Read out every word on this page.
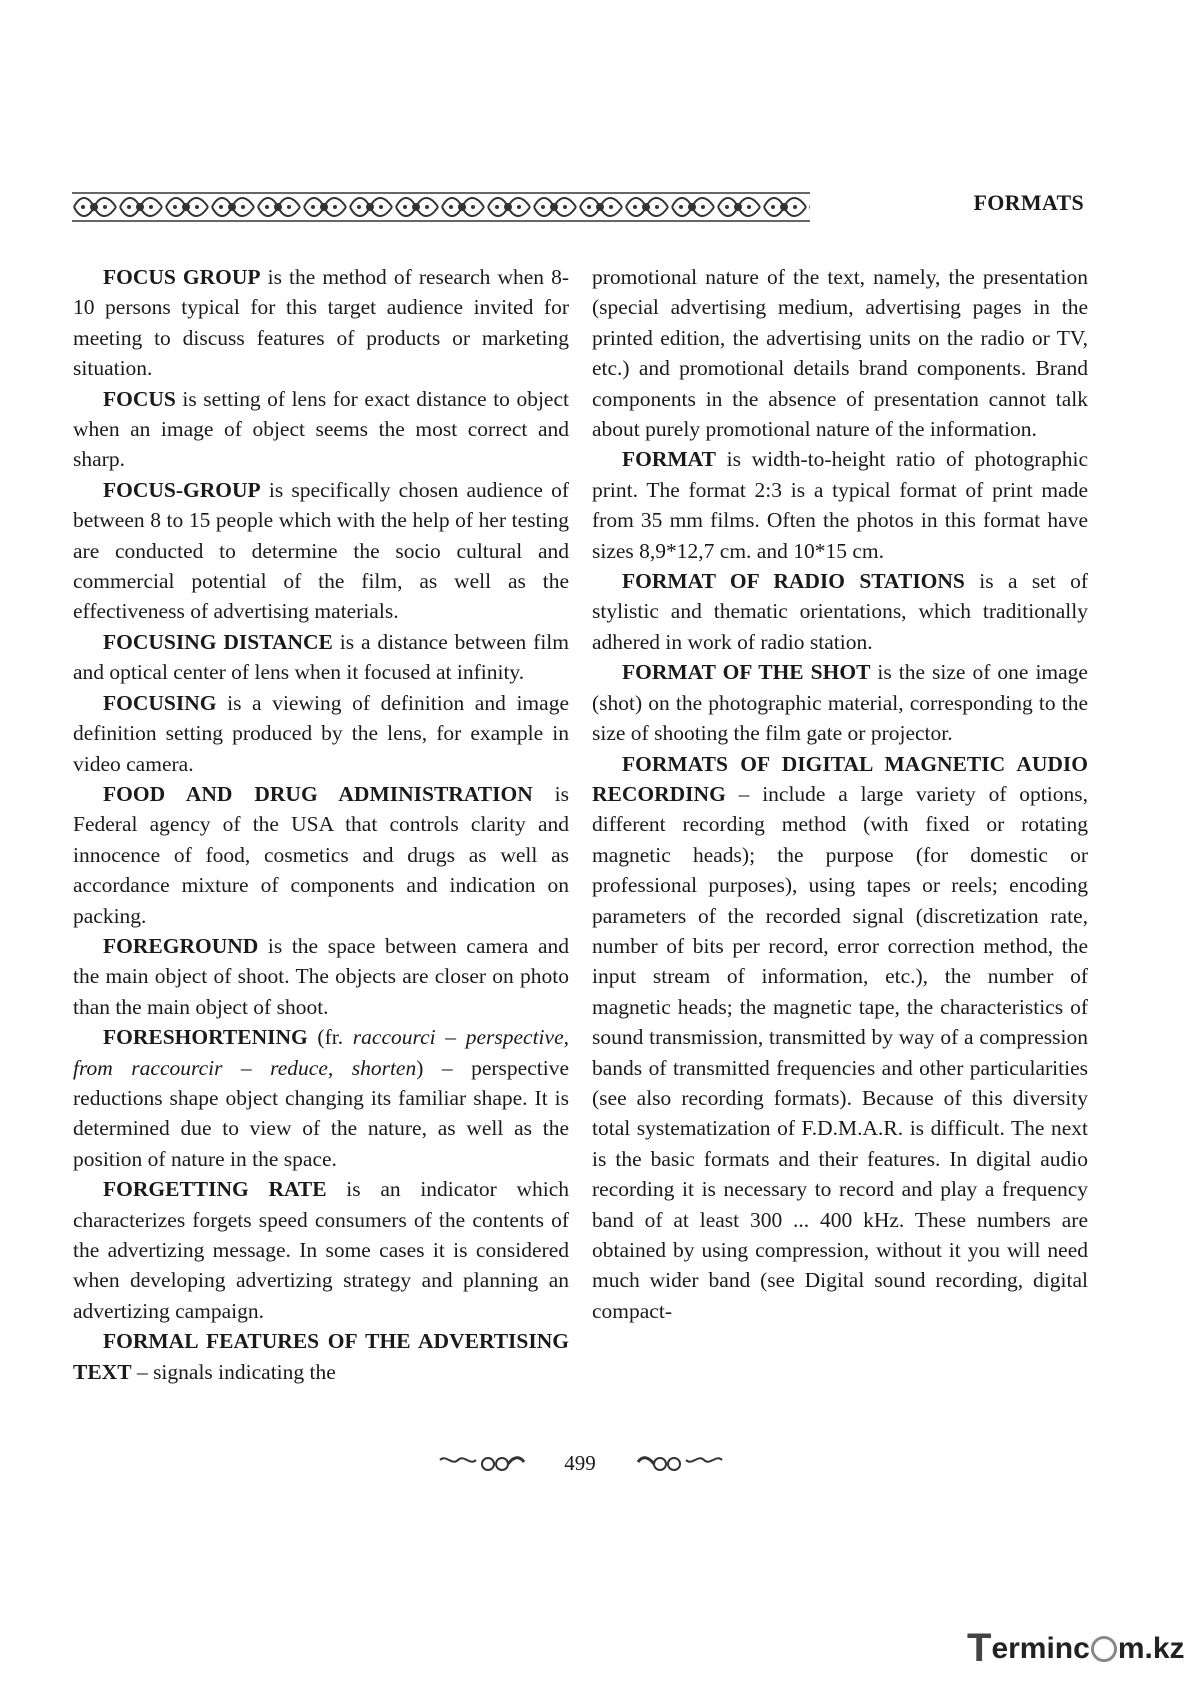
FORMATS

FOCUS GROUP is the method of research when 8-10 persons typical for this target audience invited for meeting to discuss features of products or marketing situation.

FOCUS is setting of lens for exact distance to object when an image of object seems the most correct and sharp.

FOCUS-GROUP is specifically chosen audience of between 8 to 15 people which with the help of her testing are conducted to determine the socio cultural and commercial potential of the film, as well as the effectiveness of advertising materials.

FOCUSING DISTANCE is a distance between film and optical center of lens when it focused at infinity.

FOCUSING is a viewing of definition and image definition setting produced by the lens, for example in video camera.

FOOD AND DRUG ADMINISTRATION is Federal agency of the USA that controls clarity and innocence of food, cosmetics and drugs as well as accordance mixture of components and indication on packing.

FOREGROUND is the space between camera and the main object of shoot. The objects are closer on photo than the main object of shoot.

FORESHORTENING (fr. raccourci – perspective, from raccourcir – reduce, shorten) – perspective reductions shape object changing its familiar shape. It is determined due to view of the nature, as well as the position of nature in the space.

FORGETTING RATE is an indicator which characterizes forgets speed consumers of the contents of the advertizing message. In some cases it is considered when developing advertizing strategy and planning an advertizing campaign.

FORMAL FEATURES OF THE ADVERTISING TEXT – signals indicating the

promotional nature of the text, namely, the presentation (special advertising medium, advertising pages in the printed edition, the advertising units on the radio or TV, etc.) and promotional details brand components. Brand components in the absence of presentation cannot talk about purely promotional nature of the information.

FORMAT is width-to-height ratio of photographic print. The format 2:3 is a typical format of print made from 35 mm films. Often the photos in this format have sizes 8,9*12,7 cm. and 10*15 cm.

FORMAT OF RADIO STATIONS is a set of stylistic and thematic orientations, which traditionally adhered in work of radio station.

FORMAT OF THE SHOT is the size of one image (shot) on the photographic material, corresponding to the size of shooting the film gate or projector.

FORMATS OF DIGITAL MAGNETIC AUDIO RECORDING – include a large variety of options, different recording method (with fixed or rotating magnetic heads); the purpose (for domestic or professional purposes), using tapes or reels; encoding parameters of the recorded signal (discretization rate, number of bits per record, error correction method, the input stream of information, etc.), the number of magnetic heads; the magnetic tape, the characteristics of sound transmission, transmitted by way of a compression bands of transmitted frequencies and other particularities (see also recording formats). Because of this diversity total systematization of F.D.M.A.R. is difficult. The next is the basic formats and their features. In digital audio recording it is necessary to record and play a frequency band of at least 300 ... 400 kHz. These numbers are obtained by using compression, without it you will need much wider band (see Digital sound recording, digital compact-

499
T erminc m.kz
